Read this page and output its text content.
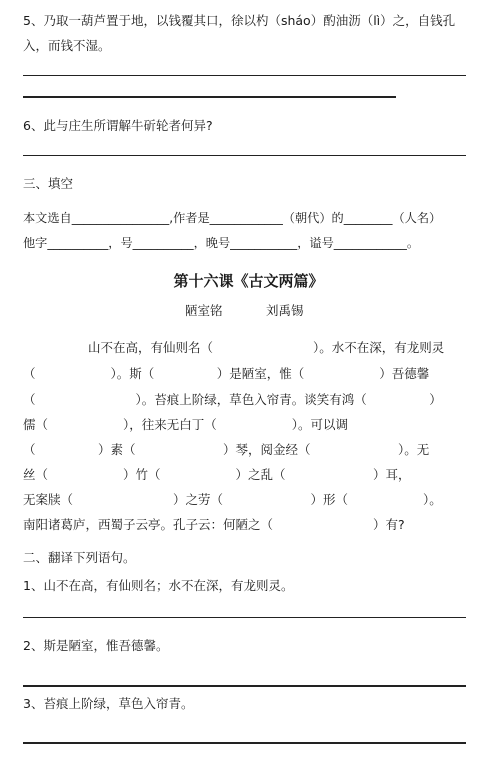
5、乃取一葫芦置于地，以钱覆其口，徐以杓（sháo）酌油沥（lì）之，自钱孔
入，而钱不湿。
6、此与庄生所谓解牛斫轮者何异?
三、填空
本文选自________________,作者是____________（朝代）的________（人名）
他字__________，号__________，晚号___________，谥号____________。
第十六课《古文两篇》
陋室铭	刘禹锡
山不在高，有仙则名（　　　　　　　　）。水不在深，有龙则灵
（　　　　　　）。斯（　　　　　）是陋室，惟（　　　　　　）吾德馨
（　　　　　　　　）。苔痕上阶绿，草色入帘青。谈笑有鸿（　　　　　）
儒（　　　　　　），往来无白丁（　　　　　　）。可以调
（　　　　　）素（　　　　　　　）琴，阅金经（　　　　　　　）。无
丝（　　　　　　）竹（　　　　　　）之乱（　　　　　　　）耳，
无案牍（　　　　　　　　）之劳（　　　　　　　）形（　　　　　　）。
南阳诸葛庐，西蜀子云亭。孔子云：何陋之（　　　　　　　　）有?
二、翻译下列语句。
1、山不在高，有仙则名；水不在深，有龙则灵。
2、斯是陋室，惟吾德馨。
3、苔痕上阶绿，草色入帘青。
